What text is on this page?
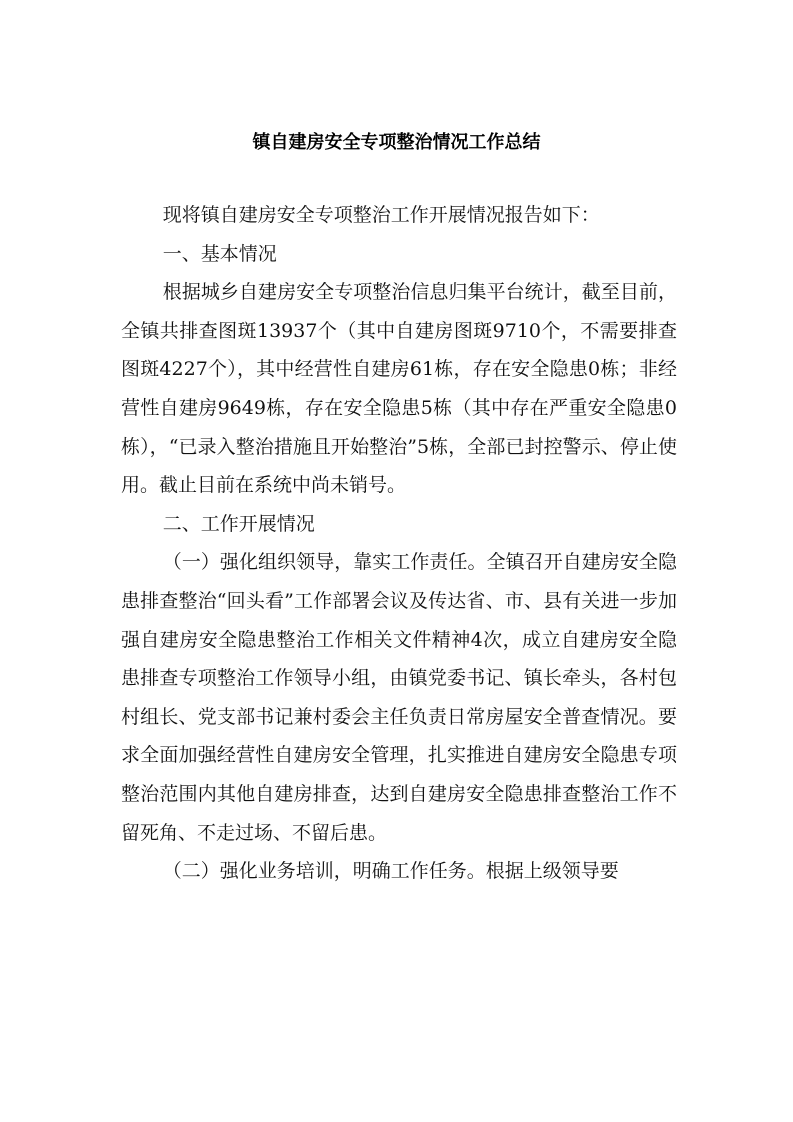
镇自建房安全专项整治情况工作总结

现将镇自建房安全专项整治工作开展情况报告如下：

一、基本情况

根据城乡自建房安全专项整治信息归集平台统计，截至目前，全镇共排查图斑13937个（其中自建房图斑9710个，不需要排查图斑4227个），其中经营性自建房61栋，存在安全隐患0栋；非经营性自建房9649栋，存在安全隐患5栋（其中存在严重安全隐患0栋），“已录入整治措施且开始整治”5栋，全部已封控警示、停止使用。截止目前在系统中尚未销号。

二、工作开展情况

（一）强化组织领导，靠实工作责任。全镇召开自建房安全隐患排查整治“回头看”工作部署会议及传达省、市、县有关进一步加强自建房安全隐患整治工作相关文件精神4次，成立自建房安全隐患排查专项整治工作领导小组，由镇党委书记、镇长牵头，各村包村组长、党支部书记兼村委会主任负责日常房屋安全普查情况。要求全面加强经营性自建房安全管理，扎实推进自建房安全隐患专项整治范围内其他自建房排查，达到自建房安全隐患排查整治工作不留死角、不走过场、不留后患。

（二）强化业务培训，明确工作任务。根据上级领导要
